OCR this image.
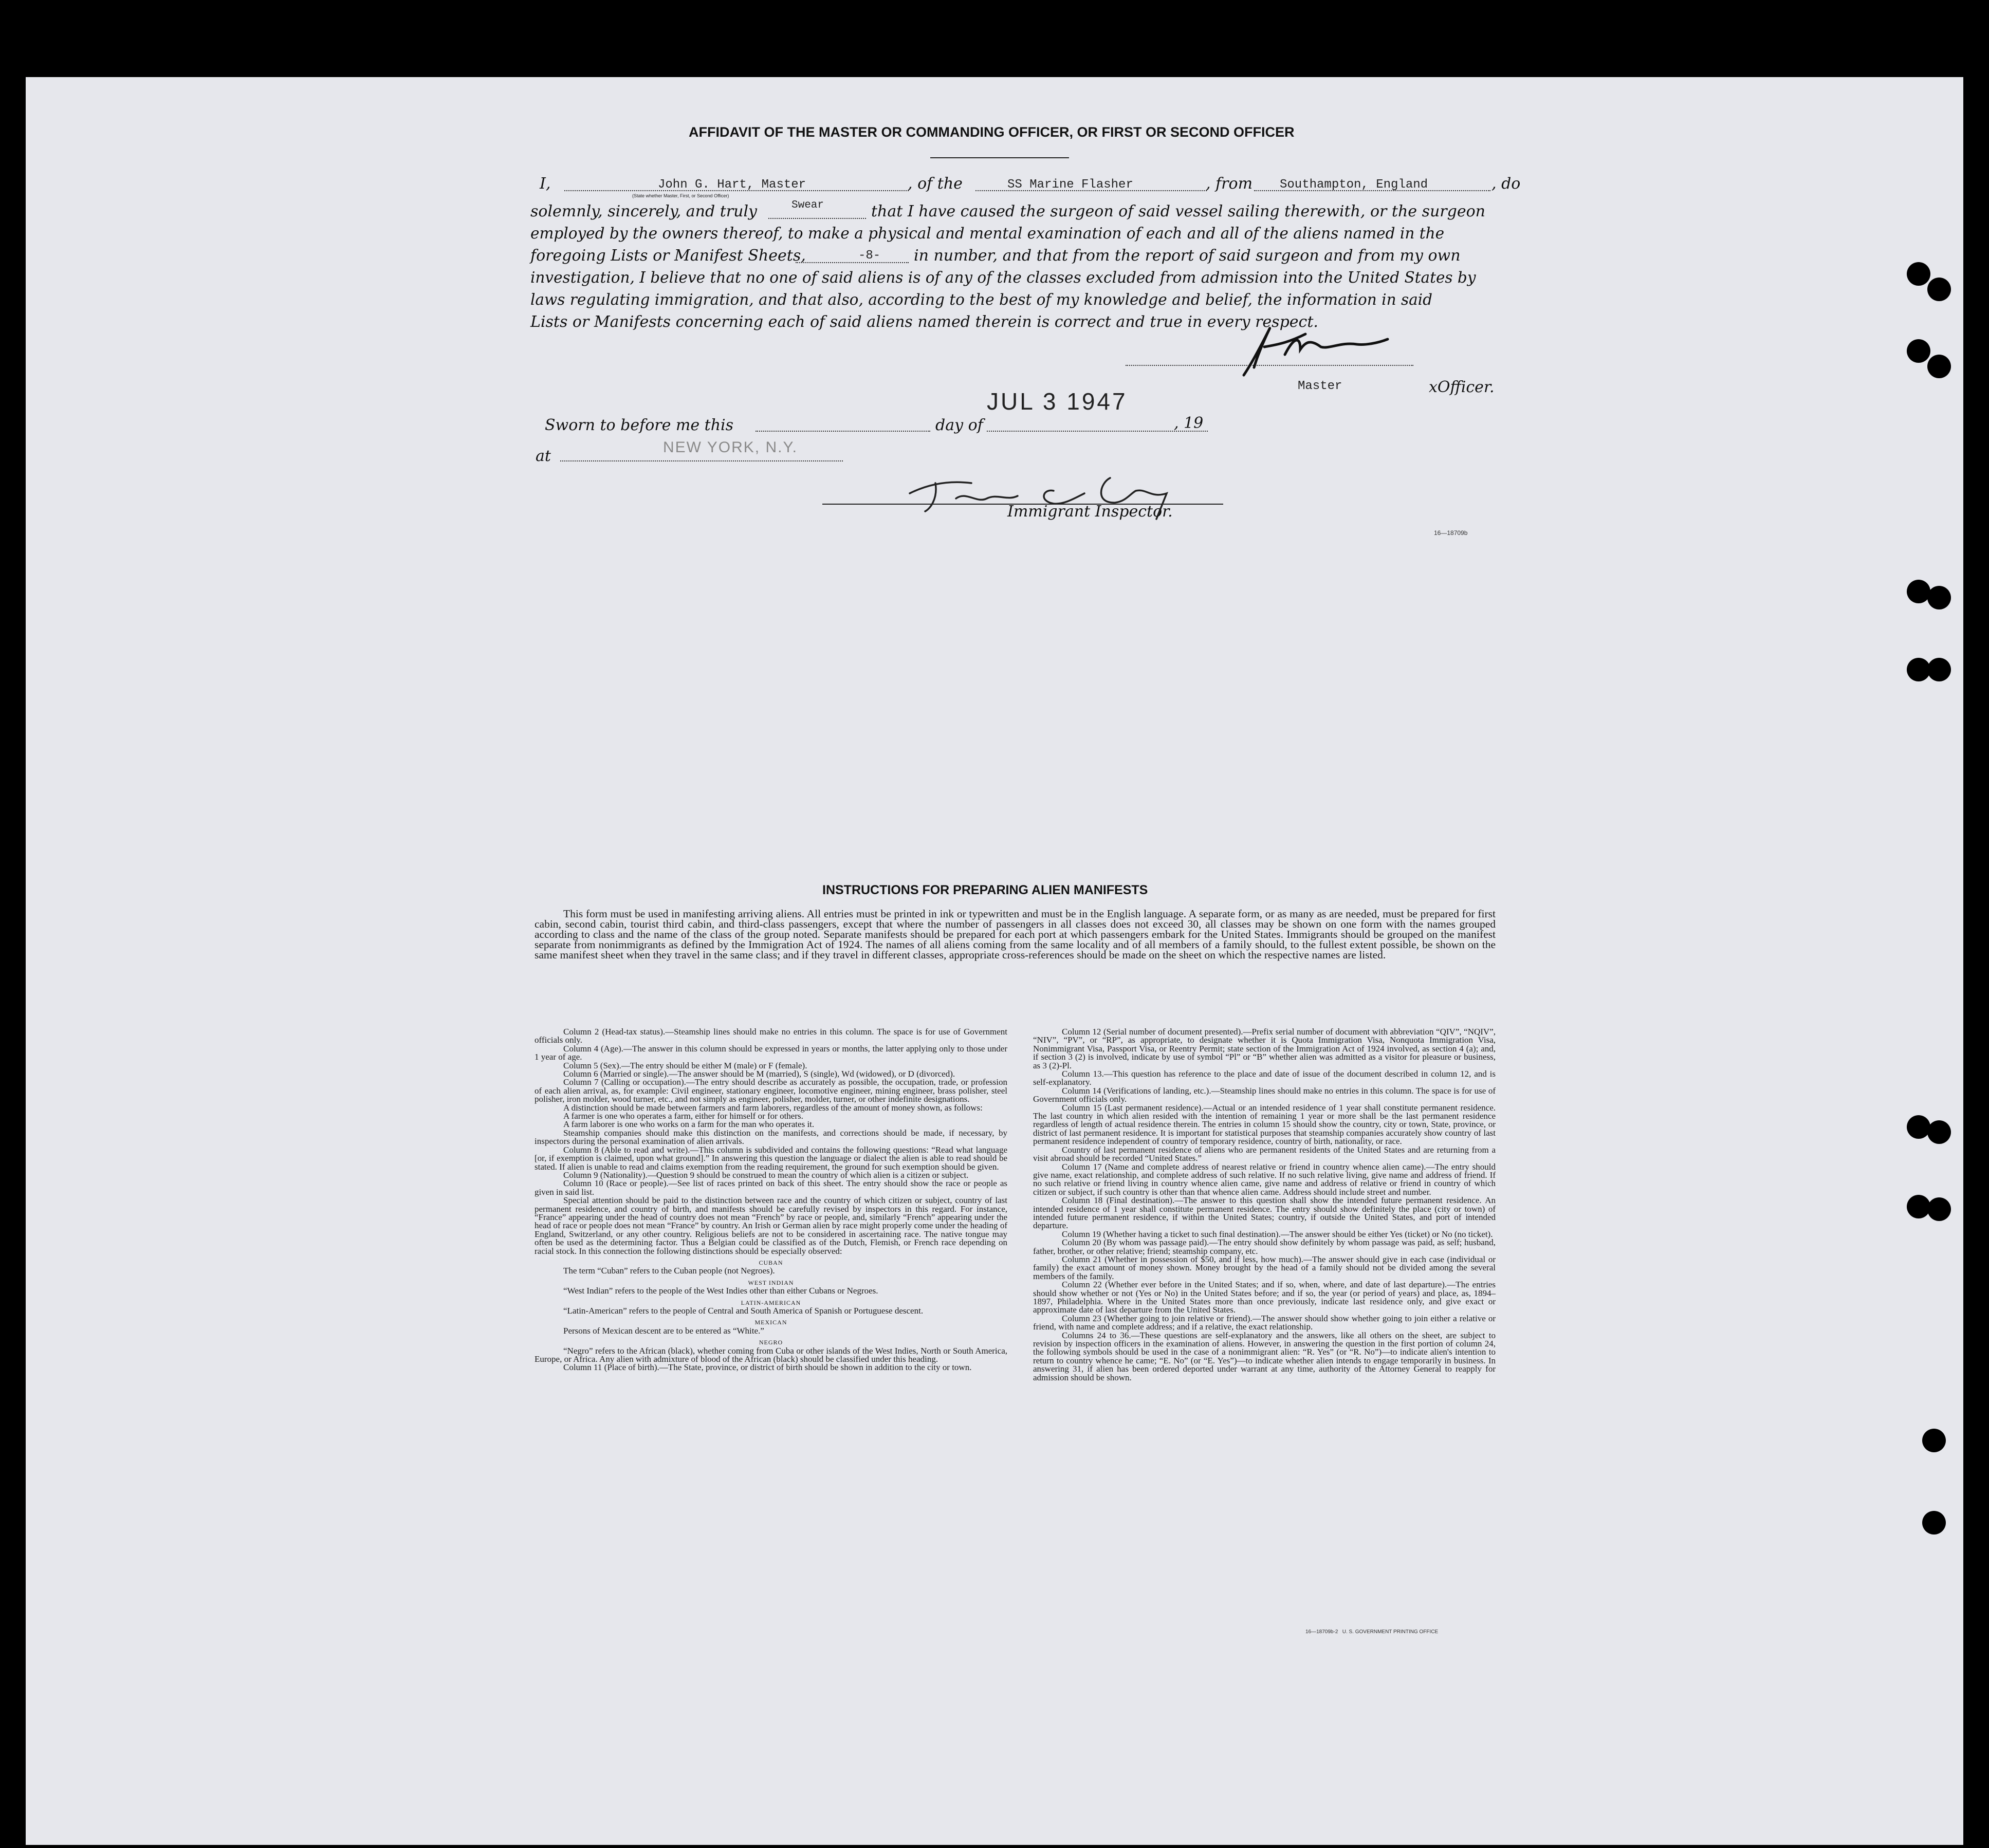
AFFIDAVIT OF THE MASTER OR COMMANDING OFFICER, OR FIRST OR SECOND OFFICER
I,	John G. Hart, Master
(State whether Master, First, or Second Officer)
, of the	SS Marine Flasher	, from Southampton, England	, do
solemnly, sincerely, and truly	Swear	that I have caused the surgeon of said vessel sailing therewith, or the surgeon
employed by the owners thereof, to make a physical and mental examination of each and all of the aliens named in the
foregoing Lists or Manifest Sheets,	-8- in number, and that from the report of said surgeon and from my own
investigation, I believe that no one of said aliens is of any of the classes excluded from admission into the United States by
laws regulating immigration, and that also, according to the best of my knowledge and belief, the information in said
Lists or Manifests concerning each of said aliens named therein is correct and true in every respect.
Master	xOfficer.
Sworn to before me this	day of
JUL 3 1947
, 19
at	NEW YORK, N.Y.
Immigrant Inspector.
16—18709b
INSTRUCTIONS FOR PREPARING ALIEN MANIFESTS
This form must be used in manifesting arriving aliens. All entries must be printed in ink or typewritten and must be in the English language. A separate form, or as many as are needed, must be prepared for first cabin, second cabin, tourist third cabin, and third-class passengers, except that where the number of passengers in all classes does not exceed 30, all classes may be shown on one form with the names grouped according to class and the name of the class of the group noted. Separate manifests should be prepared for each port at which passengers embark for the United States. Immigrants should be grouped on the manifest separate from nonimmigrants as defined by the Immigration Act of 1924. The names of all aliens coming from the same locality and of all members of a family should, to the fullest extent possible, be shown on the same manifest sheet when they travel in the same class; and if they travel in different classes, appropriate cross-references should be made on the sheet on which the respective names are listed.

Column 2 (Head-tax status).—Steamship lines should make no entries in this column. The space is for use of Government officials only.

Column 4 (Age).—The answer in this column should be expressed in years or months, the latter applying only to those under 1 year of age.

Column 5 (Sex).—The entry should be either M (male) or F (female).

Column 6 (Married or single).—The answer should be M (married), S (single), Wd (widowed), or D (divorced).

Column 7 (Calling or occupation).—The entry should describe as accurately as possible, the occupation, trade, or profession of each alien arrival, as, for example: Civil engineer, stationary engineer, locomotive engineer, mining engineer, brass polisher, steel polisher, iron molder, wood turner, etc., and not simply as engineer, polisher, molder, turner, or other indefinite designations.

A distinction should be made between farmers and farm laborers, regardless of the amount of money shown, as follows:

A farmer is one who operates a farm, either for himself or for others.

A farm laborer is one who works on a farm for the man who operates it.

Steamship companies should make this distinction on the manifests, and corrections should be made, if necessary, by inspectors during the personal examination of alien arrivals.

Column 8 (Able to read and write).—This column is subdivided and contains the following questions: “Read what language [or, if exemption is claimed, upon what ground].” In answering this question the language or dialect the alien is able to read should be stated. If alien is unable to read and claims exemption from the reading requirement, the ground for such exemption should be given.

Column 9 (Nationality).—Question 9 should be construed to mean the country of which alien is a citizen or subject.

Column 10 (Race or people).—See list of races printed on back of this sheet. The entry should show the race or people as given in said list.

Special attention should be paid to the distinction between race and the country of which citizen or subject, country of last permanent residence, and country of birth, and manifests should be carefully revised by inspectors in this regard. For instance, “France” appearing under the head of country does not mean “French” by race or people, and, similarly “French” appearing under the head of race or people does not mean “France” by country. An Irish or German alien by race might properly come under the heading of England, Switzerland, or any other country. Religious beliefs are not to be considered in ascertaining race. The native tongue may often be used as the determining factor. Thus a Belgian could be classified as of the Dutch, Flemish, or French race depending on racial stock. In this connection the following distinctions should be especially observed:

CUBAN

The term “Cuban” refers to the Cuban people (not Negroes).

WEST INDIAN

“West Indian” refers to the people of the West Indies other than either Cubans or Negroes.

LATIN-AMERICAN

“Latin-American” refers to the people of Central and South America of Spanish or Portuguese descent.

MEXICAN

Persons of Mexican descent are to be entered as “White.”

NEGRO

“Negro” refers to the African (black), whether coming from Cuba or other islands of the West Indies, North or South America, Europe, or Africa. Any alien with admixture of blood of the African (black) should be classified under this heading.

Column 11 (Place of birth).—The State, province, or district of birth should be shown in addition to the city or town.

Column 12 (Serial number of document presented).—Prefix serial number of document with abbreviation “QIV”, “NQIV”, “NIV”, “PV”, or “RP”, as appropriate, to designate whether it is Quota Immigration Visa, Nonquota Immigration Visa, Nonimmigrant Visa, Passport Visa, or Reentry Permit; state section of the Immigration Act of 1924 involved, as section 4 (a); and, if section 3 (2) is involved, indicate by use of symbol “Pl” or “B” whether alien was admitted as a visitor for pleasure or business, as 3 (2)-Pl.

Column 13.—This question has reference to the place and date of issue of the document described in column 12, and is self-explanatory.

Column 14 (Verifications of landing, etc.).—Steamship lines should make no entries in this column. The space is for use of Government officials only.

Column 15 (Last permanent residence).—Actual or an intended residence of 1 year shall constitute permanent residence. The last country in which alien resided with the intention of remaining 1 year or more shall be the last permanent residence regardless of length of actual residence therein. The entries in column 15 should show the country, city or town, State, province, or district of last permanent residence. It is important for statistical purposes that steamship companies accurately show country of last permanent residence independent of country of temporary residence, country of birth, nationality, or race.

Country of last permanent residence of aliens who are permanent residents of the United States and are returning from a visit abroad should be recorded “United States.”

Column 17 (Name and complete address of nearest relative or friend in country whence alien came).—The entry should give name, exact relationship, and complete address of such relative. If no such relative living, give name and address of friend. If no such relative or friend living in country whence alien came, give name and address of relative or friend in country of which citizen or subject, if such country is other than that whence alien came. Address should include street and number.

Column 18 (Final destination).—The answer to this question shall show the intended future permanent residence. An intended residence of 1 year shall constitute permanent residence. The entry should show definitely the place (city or town) of intended future permanent residence, if within the United States; country, if outside the United States, and port of intended departure.

Column 19 (Whether having a ticket to such final destination).—The answer should be either Yes (ticket) or No (no ticket).

Column 20 (By whom was passage paid).—The entry should show definitely by whom passage was paid, as self; husband, father, brother, or other relative; friend; steamship company, etc.

Column 21 (Whether in possession of $50, and if less, how much).—The answer should give in each case (individual or family) the exact amount of money shown. Money brought by the head of a family should not be divided among the several members of the family.

Column 22 (Whether ever before in the United States; and if so, when, where, and date of last departure).—The entries should show whether or not (Yes or No) in the United States before; and if so, the year (or period of years) and place, as, 1894–1897, Philadelphia. Where in the United States more than once previously, indicate last residence only, and give exact or approximate date of last departure from the United States.

Column 23 (Whether going to join relative or friend).—The answer should show whether going to join either a relative or friend, with name and complete address; and if a relative, the exact relationship.

Columns 24 to 36.—These questions are self-explanatory and the answers, like all others on the sheet, are subject to revision by inspection officers in the examination of aliens. However, in answering the question in the first portion of column 24, the following symbols should be used in the case of a nonimmigrant alien: “R. Yes” (or “R. No”)—to indicate alien's intention to return to country whence he came; “E. No” (or “E. Yes”)—to indicate whether alien intends to engage temporarily in business. In answering 31, if alien has been ordered deported under warrant at any time, authority of the Attorney General to reapply for admission should be shown.

16—18709b-2   U. S. GOVERNMENT PRINTING OFFICE
